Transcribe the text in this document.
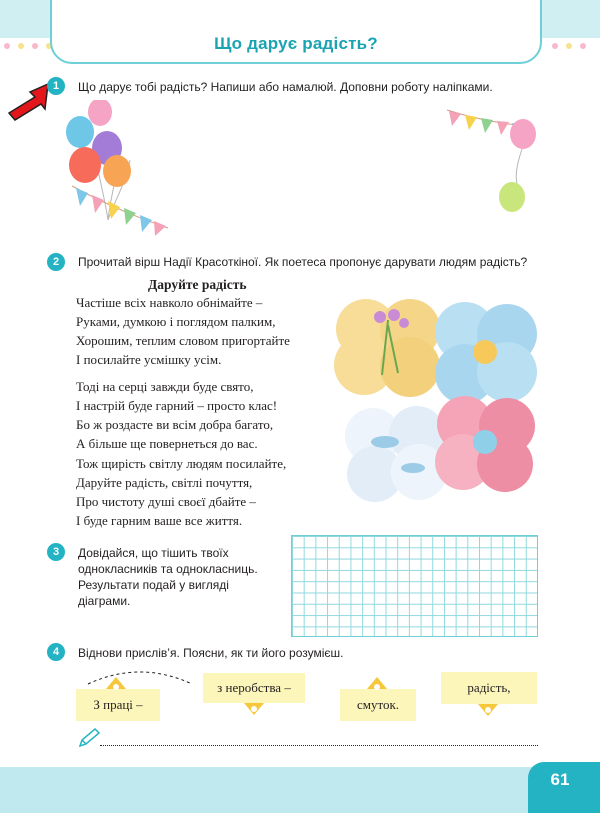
Що дарує радість?
1	Що дарує тобі радість? Напиши або намалюй. Доповни роботу наліпками.
2	Прочитай вірш Надії Красоткіної. Як поетеса пропонує дарувати людям радість?
Даруйте радість
Частіше всіх навколо обнімайте –
Руками, думкою і поглядом палким,
Хорошим, теплим словом пригортайте
І посилайте усмішку усім.
Тоді на серці завжди буде свято,
І настрій буде гарний – просто клас!
Бо ж роздасте ви всім добра багато,
А більше ще повернеться до вас.
Тож щирість світлу людям посилайте,
Даруйте радість, світлі почуття,
Про чистоту душі своєї дбайте –
І буде гарним ваше все життя.
3	Довідайся, що тішить твоїх
однокласників та однокласниць.
Результати подай у вигляді
діаграми.
4	Віднови прислів’я. Поясни, як ти його розумієш.
З праці –
з неробства –
смуток.
радість,
61
